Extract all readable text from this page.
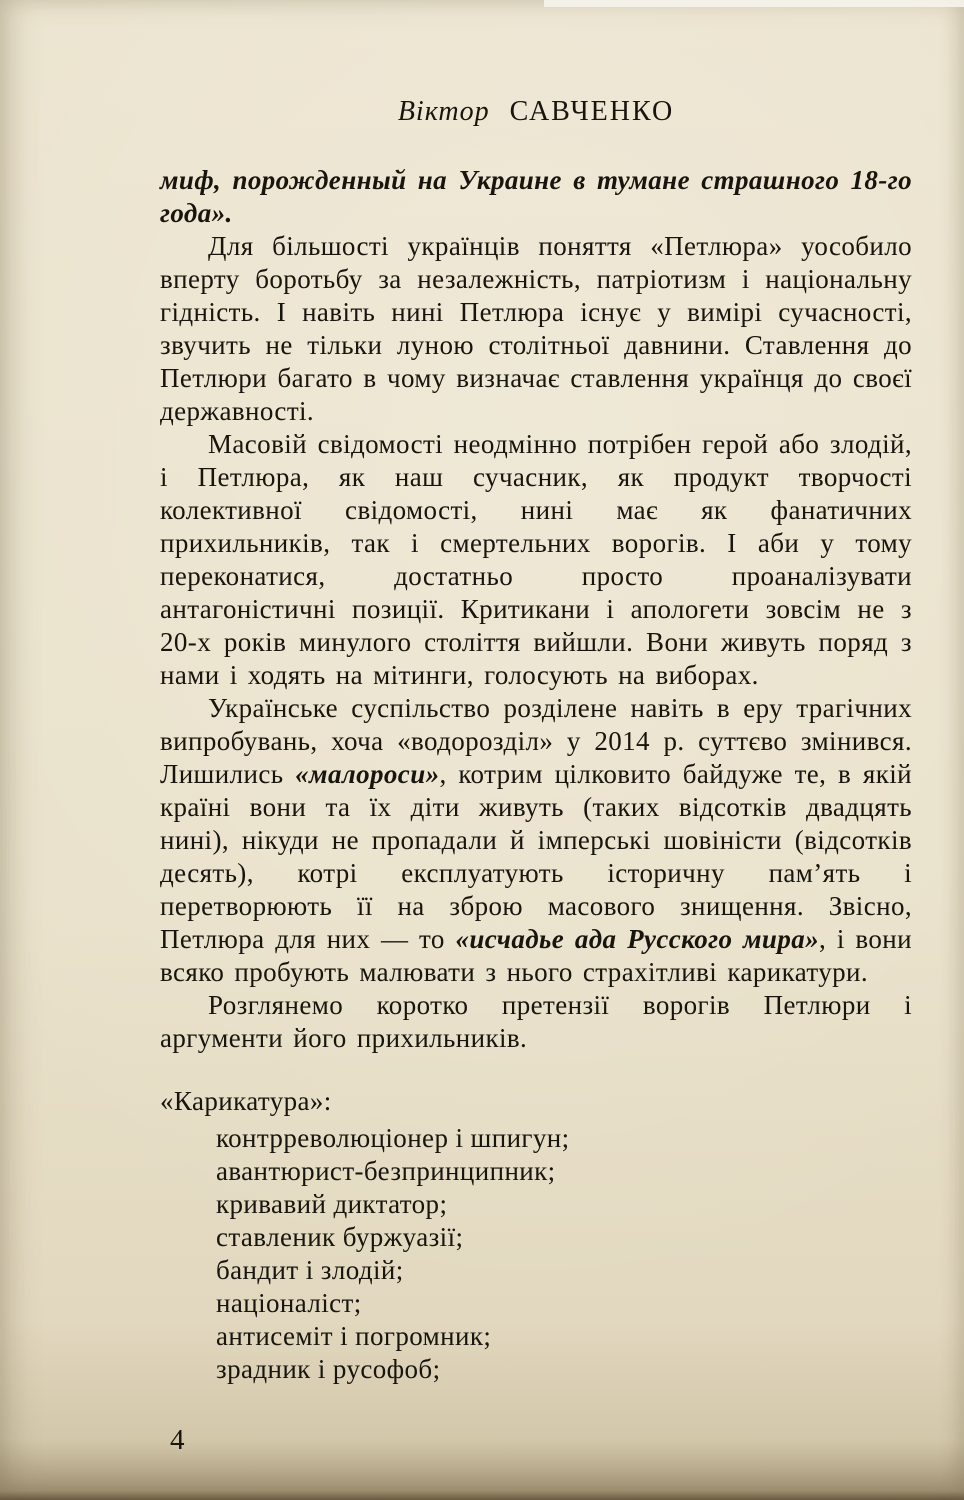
Віктор САВЧЕНКО

миф, порожденный на Украине в тумане страшного 18-го года».

Для більшості українців поняття «Петлюра» уособило вперту боротьбу за незалежність, патріотизм і національну гідність. І навіть нині Петлюра існує у вимірі сучасності, звучить не тільки луною столітньої давнини. Ставлення до Петлюри багато в чому визначає ставлення українця до своєї державності.

Масовій свідомості неодмінно потрібен герой або злодій, і Петлюра, як наш сучасник, як продукт творчості колективної свідомості, нині має як фанатичних прихильників, так і смертельних ворогів. І аби у тому переконатися, достатньо просто проаналізувати антагоністичні позиції. Критикани і апологети зовсім не з 20-х років минулого століття вийшли. Вони живуть поряд з нами і ходять на мітинги, голосують на виборах.

Українське суспільство розділене навіть в еру трагічних випробувань, хоча «водорозділ» у 2014 р. суттєво змінився. Лишились «малороси», котрим цілковито байдуже те, в якій країні вони та їх діти живуть (таких відсотків двадцять нині), нікуди не пропадали й імперські шовіністи (відсотків десять), котрі експлуатують історичну пам’ять і перетворюють її на зброю масового знищення. Звісно, Петлюра для них — то «исчадье ада Русского мира», і вони всяко пробують малювати з нього страхітливі карикатури.

Розглянемо коротко претензії ворогів Петлюри і аргументи його прихильників.

«Карикатура»:

контрреволюціонер і шпигун;
авантюрист-безпринципник;
кривавий диктатор;
ставленик буржуазії;
бандит і злодій;
націоналіст;
антисеміт і погромник;
зрадник і русофоб;
4
